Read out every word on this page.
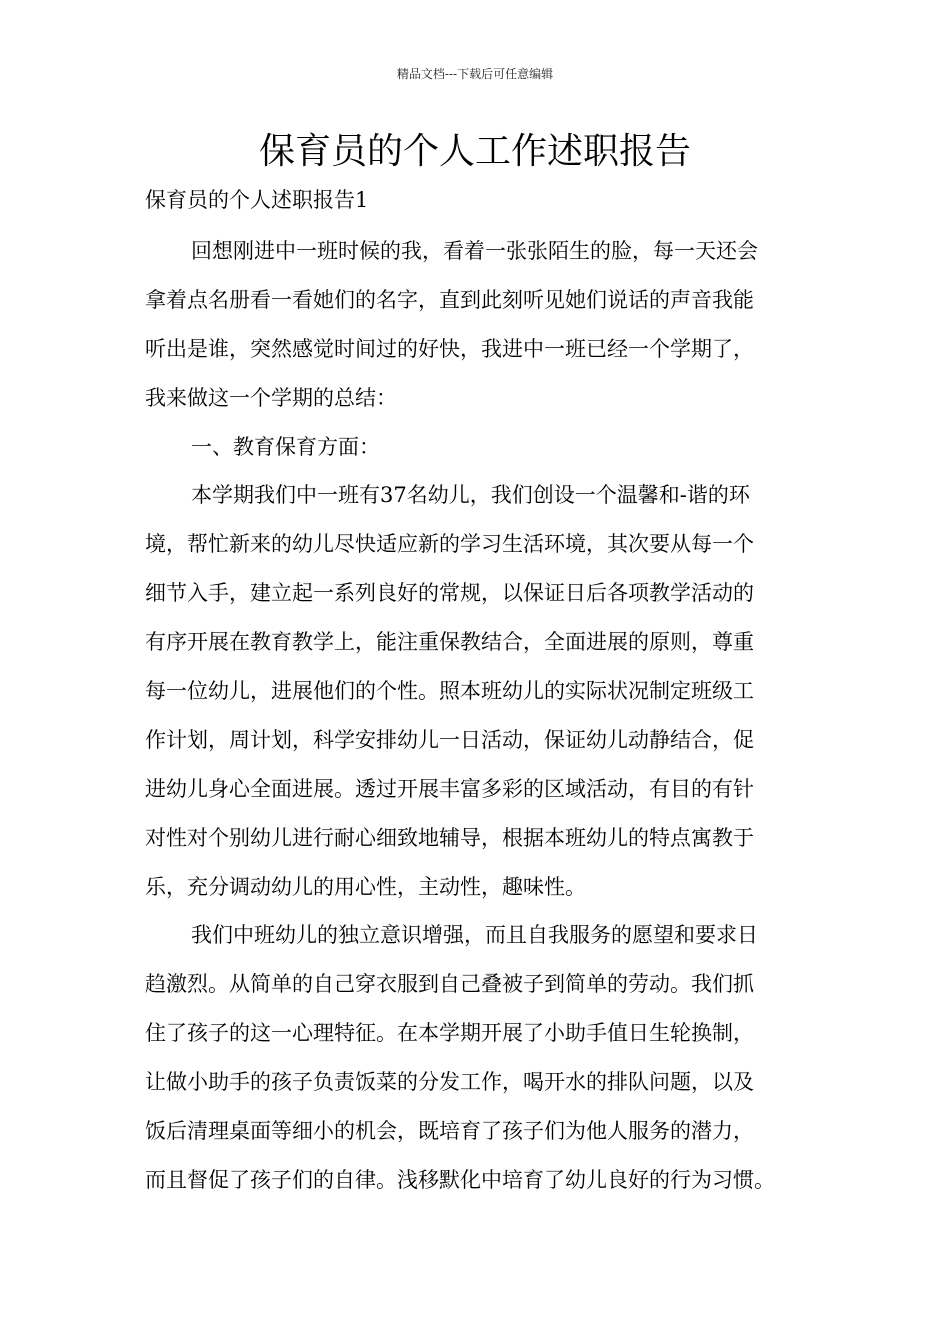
精品文档---下载后可任意编辑
保育员的个人工作述职报告
保育员的个人述职报告1
回想刚进中一班时候的我，看着一张张陌生的脸，每一天还会
拿着点名册看一看她们的名字，直到此刻听见她们说话的声音我能
听出是谁，突然感觉时间过的好快，我进中一班已经一个学期了，
我来做这一个学期的总结：
一、教育保育方面：
本学期我们中一班有37名幼儿，我们创设一个温馨和-谐的环
境，帮忙新来的幼儿尽快适应新的学习生活环境，其次要从每一个
细节入手，建立起一系列良好的常规，以保证日后各项教学活动的
有序开展在教育教学上，能注重保教结合，全面进展的原则，尊重
每一位幼儿，进展他们的个性。照本班幼儿的实际状况制定班级工
作计划，周计划，科学安排幼儿一日活动，保证幼儿动静结合，促
进幼儿身心全面进展。透过开展丰富多彩的区域活动，有目的有针
对性对个别幼儿进行耐心细致地辅导，根据本班幼儿的特点寓教于
乐，充分调动幼儿的用心性，主动性，趣味性。
我们中班幼儿的独立意识增强，而且自我服务的愿望和要求日
趋激烈。从简单的自己穿衣服到自己叠被子到简单的劳动。我们抓
住了孩子的这一心理特征。在本学期开展了小助手值日生轮换制，
让做小助手的孩子负责饭菜的分发工作，喝开水的排队问题，以及
饭后清理桌面等细小的机会，既培育了孩子们为他人服务的潜力，
而且督促了孩子们的自律。浅移默化中培育了幼儿良好的行为习惯。
